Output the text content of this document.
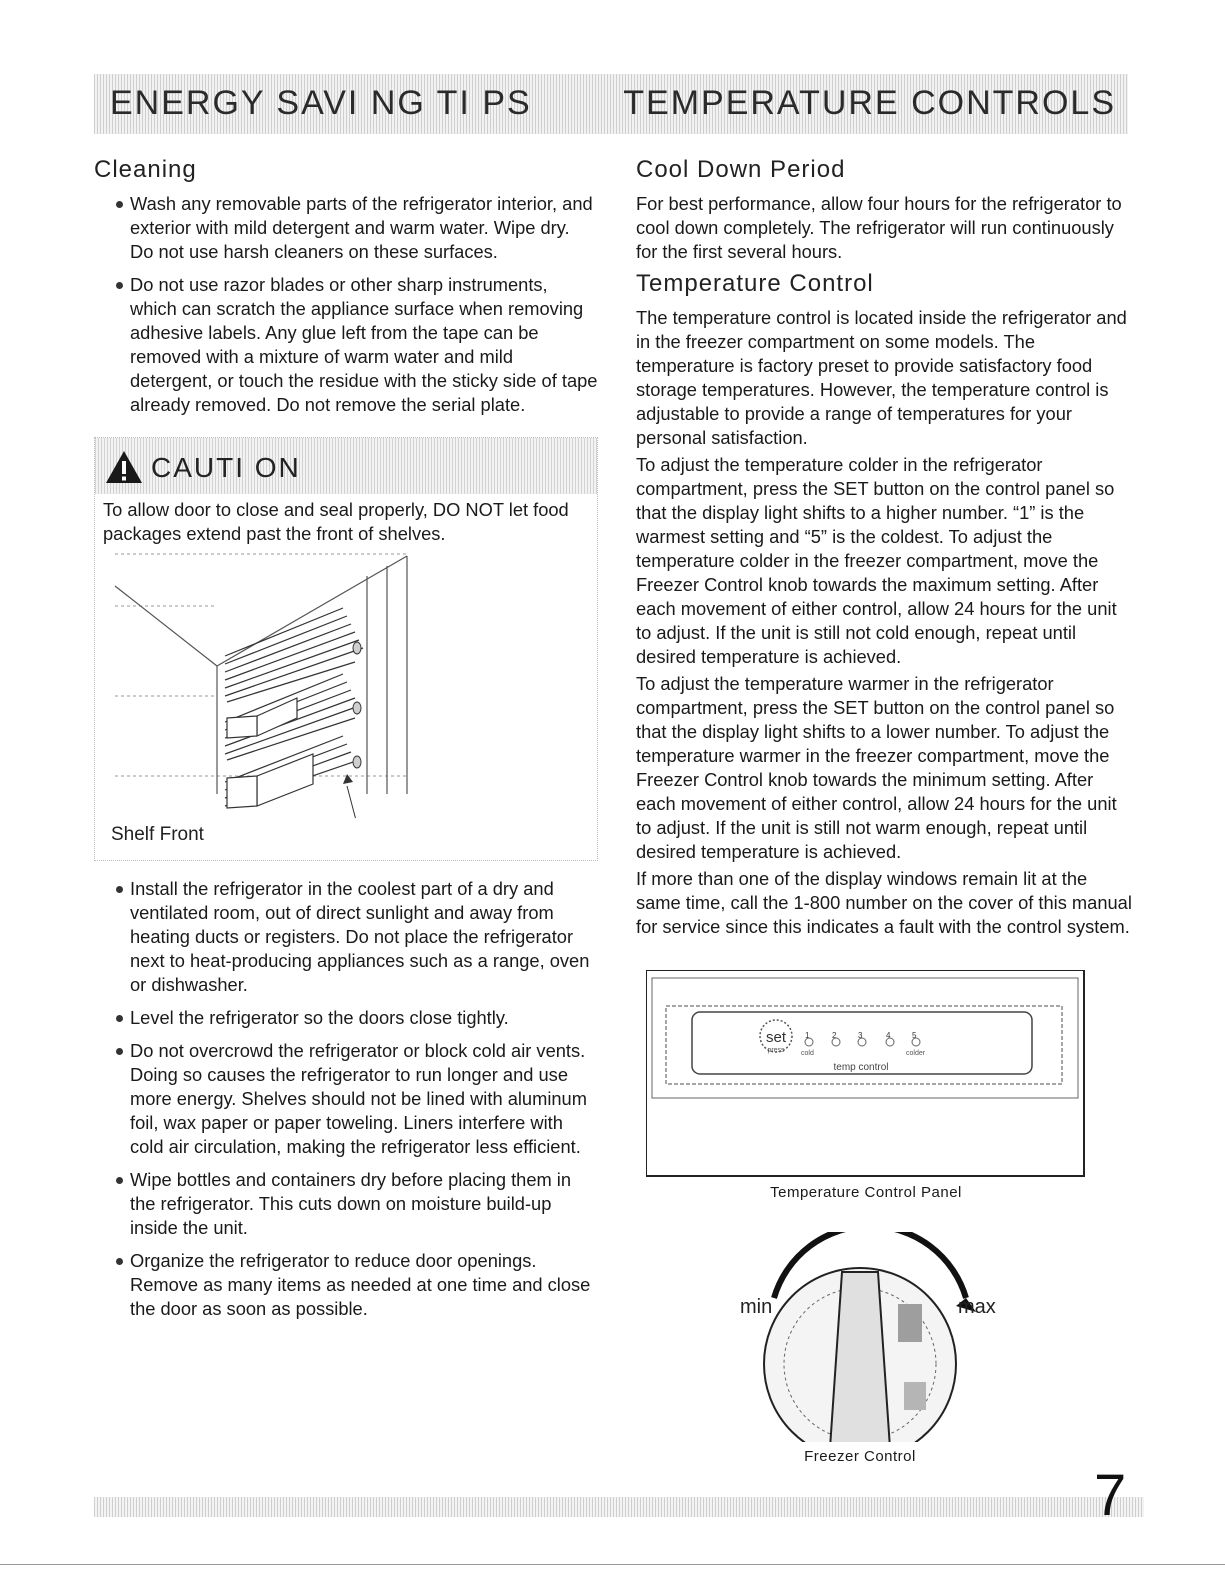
ENERGY SAVI NG TI PS	TEMPERATURE CONTROLS
Cleaning
Wash any removable parts of the refrigerator interior, and exterior with mild detergent and warm water. Wipe dry. Do not use harsh cleaners on these surfaces.
Do not use razor blades or other sharp instruments, which can scratch the appliance surface when removing adhesive labels. Any glue left from the tape can be removed with a mixture of warm water and mild detergent, or touch the residue with the sticky side of tape already removed. Do not remove the serial plate.
CAUTI ON
To allow door to close and seal properly, DO NOT let food packages extend past the front of shelves.
Shelf Front
Install the refrigerator in the coolest part of a dry and ventilated room, out of direct sunlight and away from heating ducts or registers. Do not place the refrigerator next to heat-producing appliances such as a range, oven or dishwasher.
Level the refrigerator so the doors close tightly.
Do not overcrowd the refrigerator or block cold air vents. Doing so causes the refrigerator to run longer and use more energy. Shelves should not be lined with aluminum foil, wax paper or paper toweling. Liners interfere with cold air circulation, making the refrigerator less efficient.
Wipe bottles and containers dry before placing them in the refrigerator. This cuts down on moisture build-up inside the unit.
Organize the refrigerator to reduce door openings. Remove as many items as needed at one time and close the door as soon as possible.
Cool Down Period

For best performance, allow four hours for the refrigerator to cool down completely. The refrigerator will run continuously for the first several hours.

Temperature Control

The temperature control is located inside the refrigerator and in the freezer compartment on some models. The temperature is factory preset to provide satisfactory food storage temperatures. However, the temperature control is adjustable to provide a range of temperatures for your personal satisfaction.

To adjust the temperature colder in the refrigerator compartment, press the SET button on the control panel so that the display light shifts to a higher number. “1” is the warmest setting and “5” is the coldest. To adjust the temperature colder in the freezer compartment, move the Freezer Control knob towards the maximum setting. After each movement of either control, allow 24 hours for the unit to adjust. If the unit is still not cold enough, repeat until desired temperature is achieved.

To adjust the temperature warmer in the refrigerator compartment, press the SET button on the control panel so that the display light shifts to a lower number. To adjust the temperature warmer in the freezer compartment, move the Freezer Control knob towards the minimum setting. After each movement of either control, allow 24 hours for the unit to adjust. If the unit is still not warm enough, repeat until desired temperature is achieved.

If more than one of the display windows remain lit at the same time, call the 1-800 number on the cover of this manual for service since this indicates a fault with the control system.

set
press
1	2	3	4	5
cold	colder
temp control
Temperature Control Panel
min	max
Freezer Control
7
